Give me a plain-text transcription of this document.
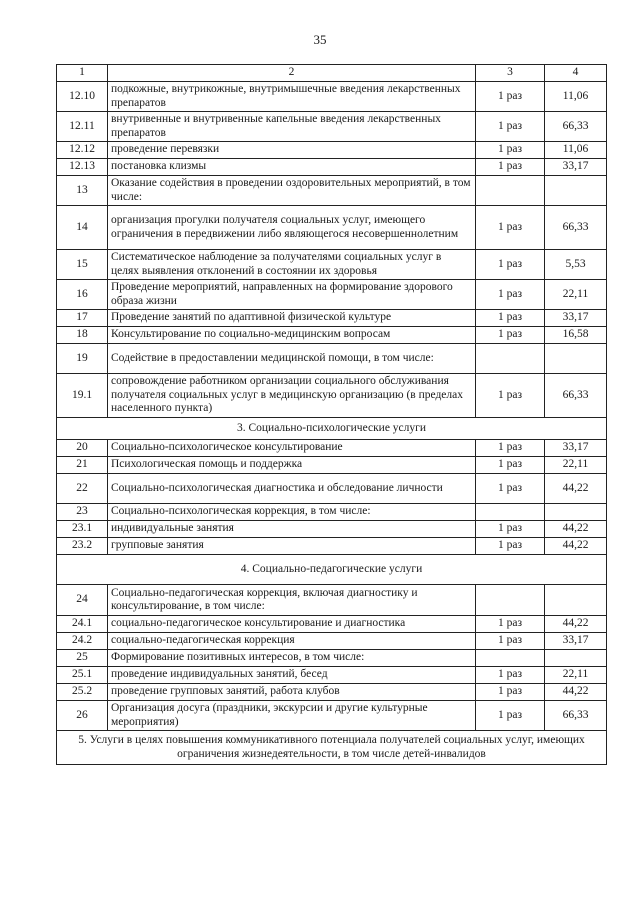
35
1	2	3	4
12.10	подкожные, внутрикожные, внутримышечные введения лекарственных препаратов	1 раз	11,06
12.11	внутривенные и внутривенные капельные введения лекарственных препаратов	1 раз	66,33
12.12	проведение перевязки	1 раз	11,06
12.13	постановка клизмы	1 раз	33,17
13	Оказание содействия в проведении оздоровительных мероприятий, в том числе:		
14	организация прогулки получателя социальных услуг, имеющего ограничения в передвижении либо являющегося несовершеннолетним	1 раз	66,33
15	Систематическое наблюдение за получателями социальных услуг в целях выявления отклонений в состоянии их здоровья	1 раз	5,53
16	Проведение мероприятий, направленных на формирование здорового образа жизни	1 раз	22,11
17	Проведение занятий по адаптивной физической культуре	1 раз	33,17
18	Консультирование по социально-медицинским вопросам	1 раз	16,58
19	Содействие в предоставлении медицинской помощи, в том числе:		
19.1	сопровождение работником организации социального обслуживания получателя социальных услуг в медицинскую организацию (в пределах населенного пункта)	1 раз	66,33
3. Социально-психологические услуги			
20	Социально-психологическое консультирование	1 раз	33,17
21	Психологическая помощь и поддержка	1 раз	22,11
22	Социально-психологическая диагностика и обследование личности	1 раз	44,22
23	Социально-психологическая коррекция, в том числе:		
23.1	индивидуальные занятия	1 раз	44,22
23.2	групповые занятия	1 раз	44,22
4. Социально-педагогические услуги			
24	Социально-педагогическая коррекция, включая диагностику и консультирование, в том числе:		
24.1	социально-педагогическое консультирование и диагностика	1 раз	44,22
24.2	социально-педагогическая коррекция	1 раз	33,17
25	Формирование позитивных интересов, в том числе:		
25.1	проведение индивидуальных занятий, бесед	1 раз	22,11
25.2	проведение групповых занятий, работа клубов	1 раз	44,22
26	Организация досуга (праздники, экскурсии и другие культурные мероприятия)	1 раз	66,33
5. Услуги в целях повышения коммуникативного потенциала получателей социальных услуг, имеющих ограничения жизнедеятельности, в том числе детей-инвалидов			
